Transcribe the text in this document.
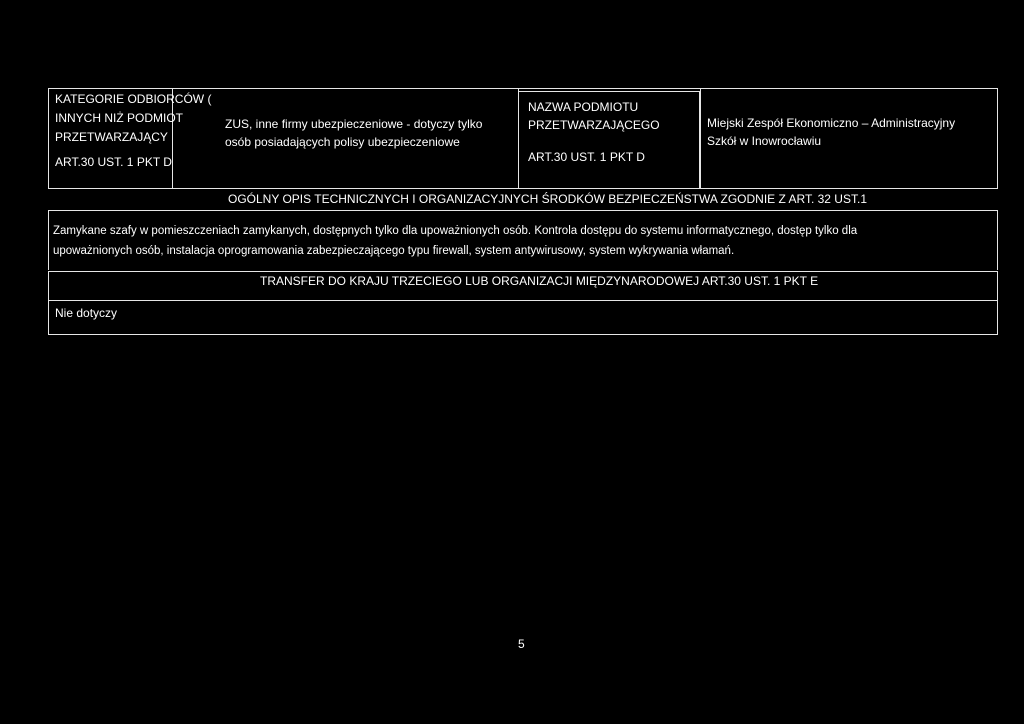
KATEGORIE ODBIORCÓW (
INNYCH NIŻ PODMIOT
PRZETWARZAJĄCY
ART.30 UST. 1 PKT D
ZUS, inne firmy ubezpieczeniowe - dotyczy tylko
osób posiadających polisy ubezpieczeniowe
NAZWA PODMIOTU
PRZETWARZAJĄCEGO
ART.30 UST. 1 PKT D
Miejski Zespół Ekonomiczno – Administracyjny
Szkół w Inowrocławiu
OGÓLNY OPIS TECHNICZNYCH I ORGANIZACYJNYCH ŚRODKÓW BEZPIECZEŃSTWA ZGODNIE Z ART. 32 UST.1
Zamykane szafy w pomieszczeniach zamykanych, dostępnych tylko dla upoważnionych osób. Kontrola dostępu do systemu informatycznego, dostęp tylko dla
upoważnionych osób, instalacja oprogramowania zabezpieczającego typu firewall, system antywirusowy, system wykrywania włamań.
TRANSFER DO KRAJU TRZECIEGO LUB ORGANIZACJI MIĘDZYNARODOWEJ ART.30 UST. 1 PKT E
Nie dotyczy
5
